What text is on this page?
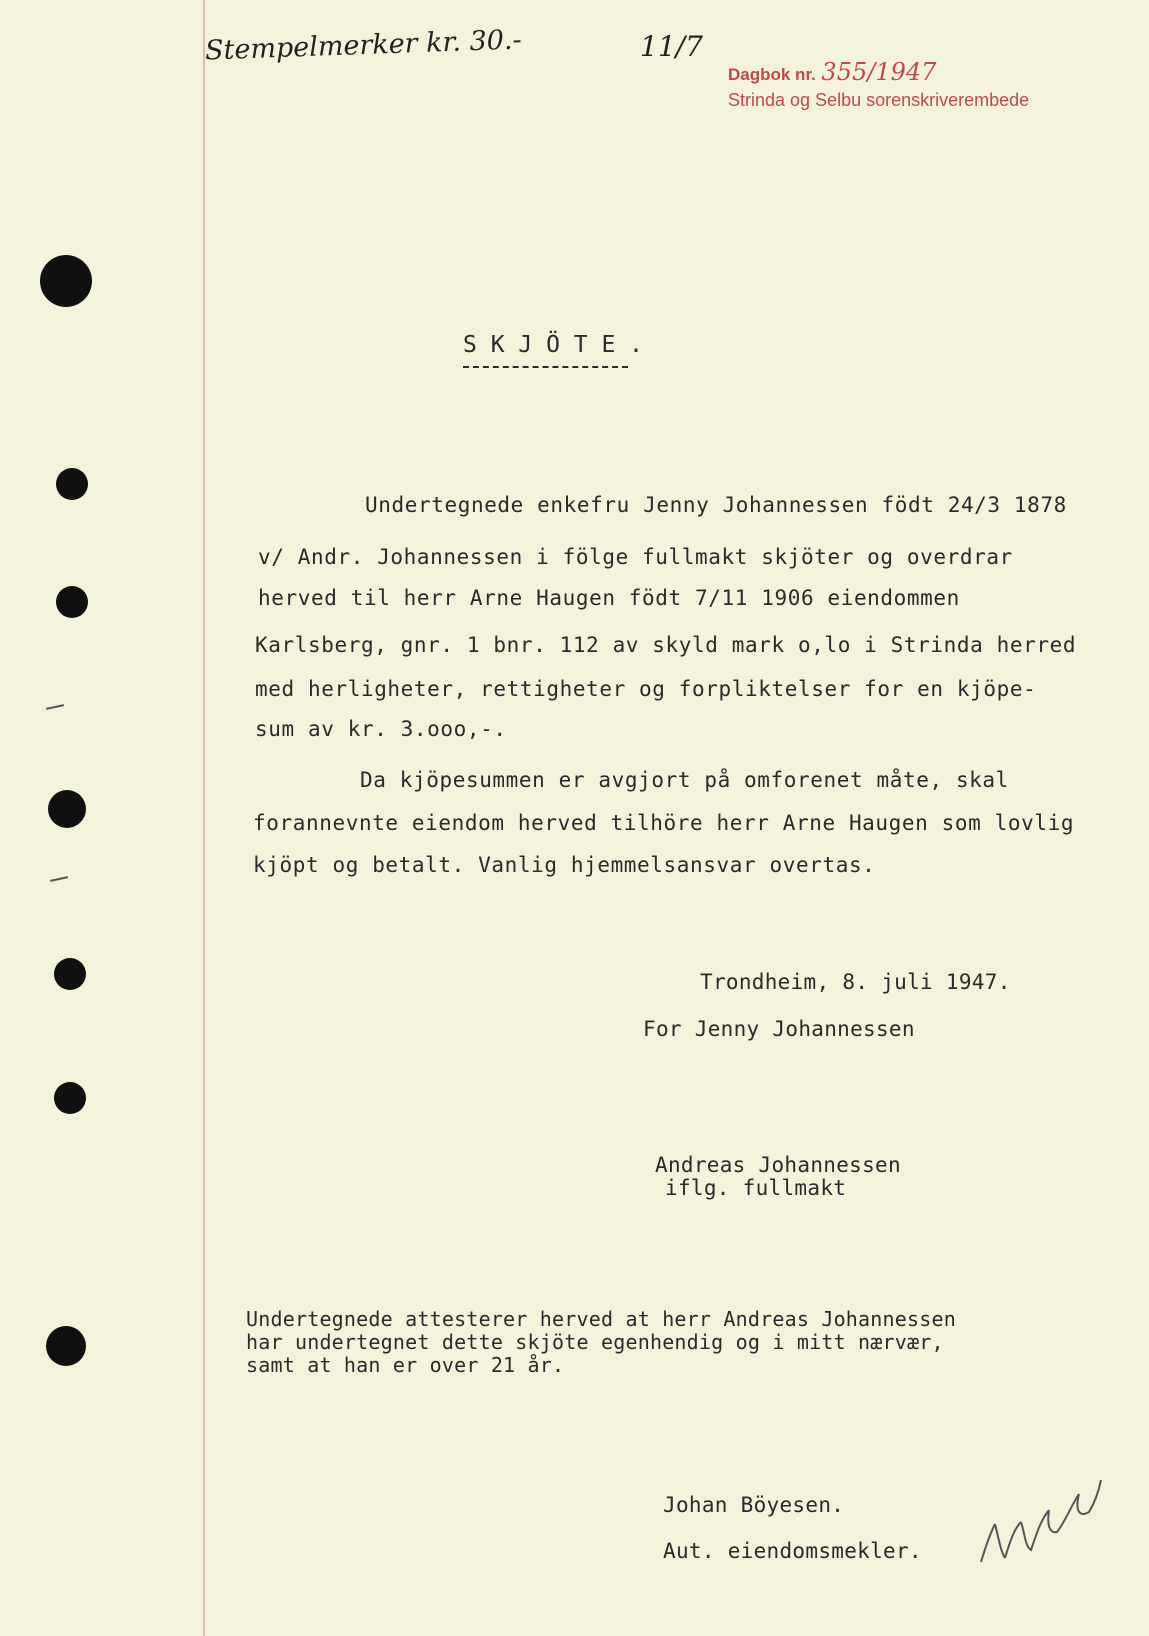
Stempelmerker kr. 30.-	11/7
Dagbok nr. 355/1947
Strinda og Selbu sorenskriverembede
S K J Ö T E .
Undertegnede enkefru Jenny Johannessen födt 24/3 1878
v/ Andr. Johannessen i fölge fullmakt skjöter og overdrar
herved til herr Arne Haugen födt 7/11 1906 eiendommen
Karlsberg, gnr. 1 bnr. 112 av skyld mark o,lo i Strinda herred
med herligheter, rettigheter og forpliktelser for en kjöpe-
sum av kr. 3.ooo,-.
Da kjöpesummen er avgjort på omforenet måte, skal
forannevnte eiendom herved tilhöre herr Arne Haugen som lovlig
kjöpt og betalt. Vanlig hjemmelsansvar overtas.
Trondheim, 8. juli 1947.
For Jenny Johannessen
Andreas Johannessen
iflg. fullmakt
Undertegnede attesterer herved at herr Andreas Johannessen
har undertegnet dette skjöte egenhendig og i mitt nærvær,
samt at han er over 21 år.
Johan Böyesen.
Aut. eiendomsmekler.
